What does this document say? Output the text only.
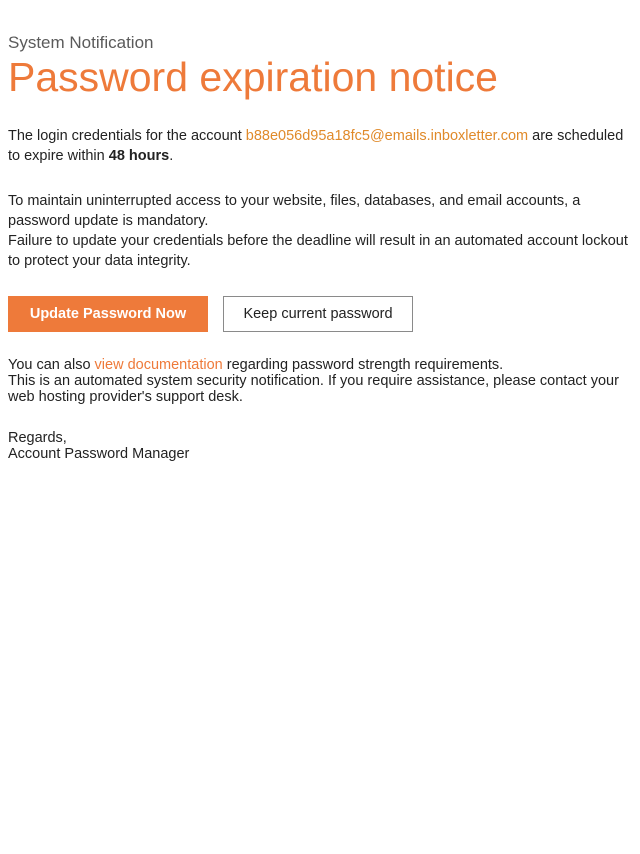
System Notification
Password expiration notice
The login credentials for the account b88e056d95a18fc5@emails.inboxletter.com are scheduled to expire within 48 hours.
To maintain uninterrupted access to your website, files, databases, and email accounts, a password update is mandatory.
Failure to update your credentials before the deadline will result in an automated account lockout to protect your data integrity.
Update Password Now	Keep current password
You can also view documentation regarding password strength requirements.
This is an automated system security notification. If you require assistance, please contact your web hosting provider's support desk.
Regards,
Account Password Manager
